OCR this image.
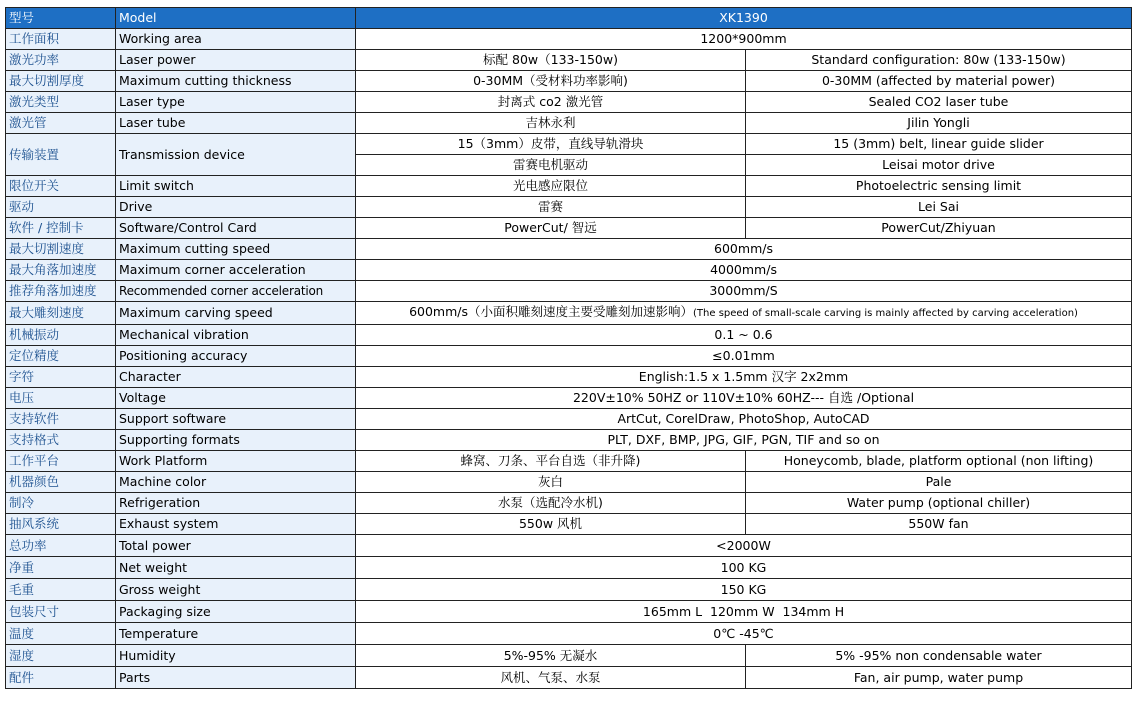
型号	Model	XK1390	
工作面积	Working area	1200*900mm	
激光功率	Laser power	标配 80w（133-150w)	Standard configuration: 80w (133-150w)
最大切割厚度	Maximum cutting thickness	0-30MM（受材料功率影响)	0-30MM (affected by material power)
激光类型	Laser type	封离式 co2 激光管	Sealed CO2 laser tube
激光管	Laser tube	吉林永利	Jilin Yongli
传输装置	Transmission device	15（3mm）皮带，直线导轨滑块	15 (3mm) belt, linear guide slider
		雷赛电机驱动	Leisai motor drive
限位开关	Limit switch	光电感应限位	Photoelectric sensing limit
驱动	Drive	雷赛	Lei Sai
软件 / 控制卡	Software/Control Card	PowerCut/ 智远	PowerCut/Zhiyuan
最大切割速度	Maximum cutting speed	600mm/s	
最大角落加速度	Maximum corner acceleration	4000mm/s	
推荐角落加速度	Recommended corner acceleration	3000mm/S	
最大雕刻速度	Maximum carving speed	600mm/s（小面积雕刻速度主要受雕刻加速影响）(The speed of small-scale carving is mainly affected by carving acceleration)	
机械振动	Mechanical vibration	0.1 ~ 0.6	
定位精度	Positioning accuracy	≤0.01mm	
字符	Character	English:1.5 x 1.5mm 汉字 2x2mm	
电压	Voltage	220V±10% 50HZ or 110V±10% 60HZ--- 自选 /Optional	
支持软件	Support software	ArtCut, CorelDraw, PhotoShop, AutoCAD	
支持格式	Supporting formats	PLT, DXF, BMP, JPG, GIF, PGN, TIF and so on	
工作平台	Work Platform	蜂窝、刀条、平台自选（非升降)	Honeycomb, blade, platform optional (non lifting)
机器颜色	Machine color	灰白	Pale
制冷	Refrigeration	水泵（选配冷水机)	Water pump (optional chiller)
抽风系统	Exhaust system	550w 风机	550W fan
总功率	Total power	<2000W	
净重	Net weight	100 KG	
毛重	Gross weight	150 KG	
包装尺寸	Packaging size	165mm L  120mm W  134mm H	
温度	Temperature	0℃ -45℃	
湿度	Humidity	5%-95% 无凝水	5% -95% non condensable water
配件	Parts	风机、气泵、水泵	Fan, air pump, water pump
